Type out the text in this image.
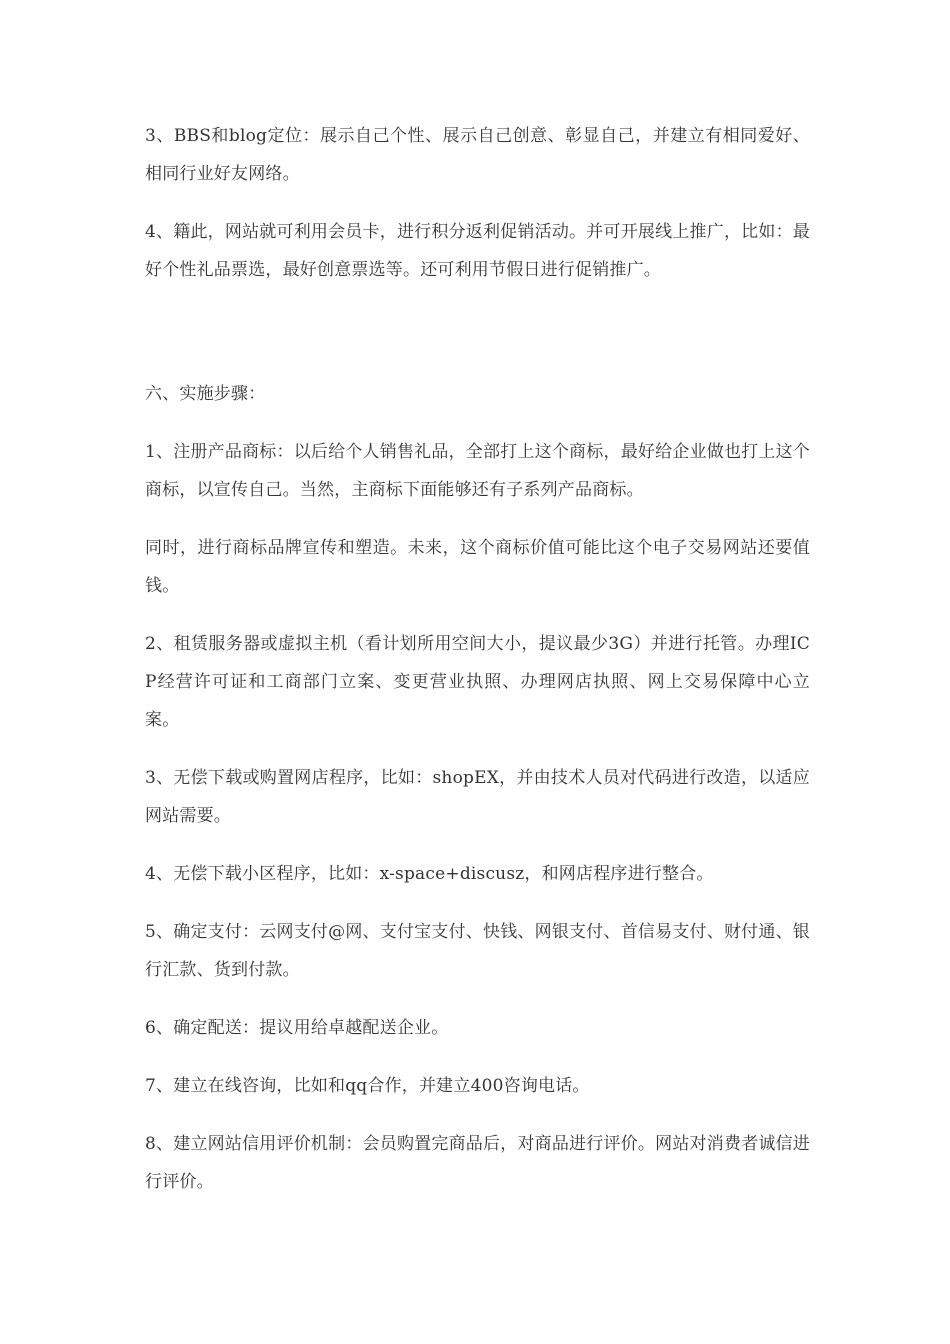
3、BBS和blog定位：展示自己个性、展示自己创意、彰显自己，并建立有相同爱好、相同行业好友网络。

4、籍此，网站就可利用会员卡，进行积分返利促销活动。并可开展线上推广，比如：最好个性礼品票选，最好创意票选等。还可利用节假日进行促销推广。

六、实施步骤：

1、注册产品商标：以后给个人销售礼品，全部打上这个商标，最好给企业做也打上这个商标，以宣传自己。当然，主商标下面能够还有子系列产品商标。

同时，进行商标品牌宣传和塑造。未来，这个商标价值可能比这个电子交易网站还要值钱。

2、租赁服务器或虚拟主机（看计划所用空间大小，提议最少3G）并进行托管。办理ICP经营许可证和工商部门立案、变更营业执照、办理网店执照、网上交易保障中心立案。

3、无偿下载或购置网店程序，比如：shopEX，并由技术人员对代码进行改造，以适应网站需要。

4、无偿下载小区程序，比如：x-space+discusz，和网店程序进行整合。

5、确定支付：云网支付@网、支付宝支付、快钱、网银支付、首信易支付、财付通、银行汇款、货到付款。

6、确定配送：提议用给卓越配送企业。

7、建立在线咨询，比如和qq合作，并建立400咨询电话。

8、建立网站信用评价机制：会员购置完商品后，对商品进行评价。网站对消费者诚信进行评价。
